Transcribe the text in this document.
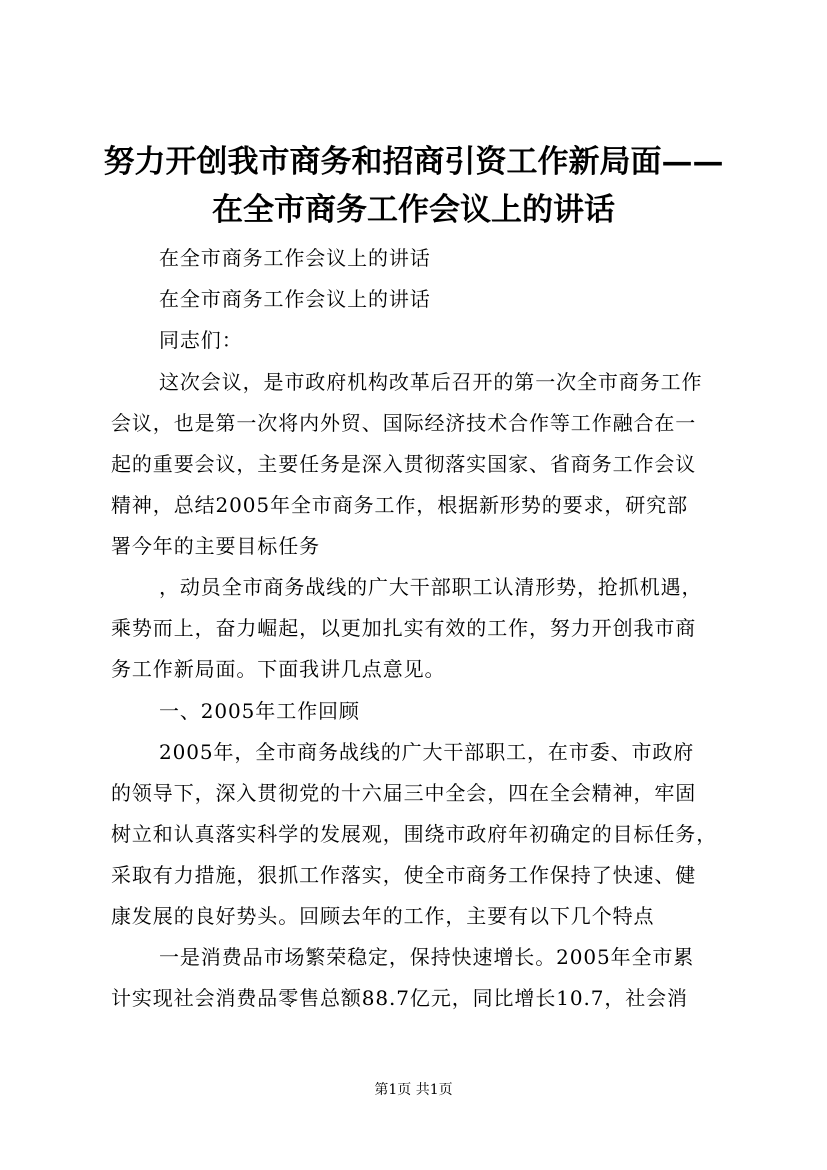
努力开创我市商务和招商引资工作新局面——
在全市商务工作会议上的讲话
在全市商务工作会议上的讲话
在全市商务工作会议上的讲话
同志们：
这次会议，是市政府机构改革后召开的第一次全市商务工作
会议，也是第一次将内外贸、国际经济技术合作等工作融合在一
起的重要会议，主要任务是深入贯彻落实国家、省商务工作会议
精神，总结2005年全市商务工作，根据新形势的要求，研究部
署今年的主要目标任务
，动员全市商务战线的广大干部职工认清形势，抢抓机遇，
乘势而上，奋力崛起，以更加扎实有效的工作，努力开创我市商
务工作新局面。下面我讲几点意见。
一、2005年工作回顾
2005年，全市商务战线的广大干部职工，在市委、市政府
的领导下，深入贯彻党的十六届三中全会，四在全会精神，牢固
树立和认真落实科学的发展观，围绕市政府年初确定的目标任务，
采取有力措施，狠抓工作落实，使全市商务工作保持了快速、健
康发展的良好势头。回顾去年的工作，主要有以下几个特点
一是消费品市场繁荣稳定，保持快速增长。2005年全市累
计实现社会消费品零售总额88.7亿元，同比增长10.7，社会消
第1页 共1页
